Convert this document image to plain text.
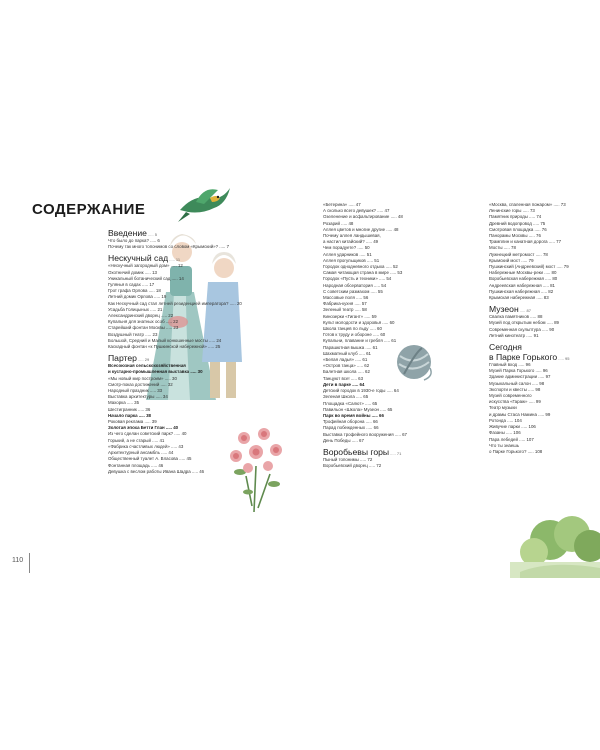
СОДЕРЖАНИЕ
Введение ..... 5
Что было до парка? ..... 6
Почему так много топонимов со словом «Крымский»? ..... 7
Нескучный сад ..... 11
«Нескучный загородный дом» ..... 12
Охотничий домик ..... 13
Уникальный ботанический сад ..... 14
Гулянья в садах ..... 17
Грот графа Орлова ..... 18
Летний домик Орлова ..... 19
Как Нескучный сад стал летней резиденцией императора? ..... 20
Усадьба Голицыных ..... 21
Александринский дворец ..... 22
Купальня для знатных особ ..... 22
Старейший фонтан Москвы ..... 23
Воздушный театр ..... 23
Большой, Средний и Малый конюшенные мосты ..... 24
Каскадный фонтан «к Пушкинской набережной» ..... 25
Партер ..... 29
Всесоюзная сельскохозяйственная
и кустарно-промышленная выставка ..... 30
«Мы новый мир построим» ..... 30
Смотр-показ достижений ..... 32
Народный праздник ..... 33
Выставка архитектуры ..... 34
Махорка ..... 35
Шестигранник ..... 36
Начало парка ..... 38
Роковая реклама ..... 39
Золотая эпоха Бетти Глан ..... 40
Из чего сделан советский парк? ..... 40
Горький, а не старый ..... 41
«Фабрика счастливых людей» ..... 43
Архитектурный ансамбль ..... 44
Общественный туалет А. Власова ..... 45
Фонтанная площадь ..... 46
Девушка с веслом работы Ивана Шадра ..... 46
«Бетерина» ..... 47
А сколько всего девушек? ..... 47
Озеленение и асфальтирование ..... 48
Розарий ..... 48
Аллея цветов и многие другие ..... 48
Почему аллея ландышевая,
а настил китайский? ..... 49
Чем порадуете? ..... 50
Аллея ударников ..... 51
Аллея прогульщиков ..... 51
Городок однодневного отдыха ..... 52
Самая читающая страна в мире ..... 53
Городок «Пусть и техники» ..... 54
Народная обсерватория ..... 54
С советским размахом ..... 55
Массовые поля ..... 56
Фабрика-кухня ..... 57
Зеленый театр ..... 58
Кинозерки «Гигант» ..... 59
Культ молодости и здоровья ..... 60
Школа танцев по льду ..... 60
Готов к труду и обороне ..... 60
Купальни, плавание и гребля ..... 61
Парашютная вышка ..... 61
Шахматный клуб ..... 61
«Белая ладья» ..... 61
«Остров танца» ..... 62
Балетная школа ..... 62
Танцуют все! ..... 63
Дети в парке ..... 64
Детский городок в 1930-е годы ..... 64
Зеленая Школа ..... 65
Площадка «Салют» ..... 65
Павильон «Школа» Музеон ..... 65
Парк во время войны ..... 66
Трофейная оборона ..... 66
Парад побежденных ..... 66
Выставка трофейного вооружения ..... 67
День Победы ..... 67
Воробьевы горы ..... 71
Пыный топонимы ..... 72
Воробьевский дворец ..... 72
«Москва, спаленная пожаром» ..... 73
Ленинские горы ..... 73
Памятник природы ..... 74
Древний водопровод ..... 75
Смотровая площадка ..... 76
Панорамы Москвы ..... 76
Трамплин и канатная дорога ..... 77
Мосты ..... 78
Лужнецкий метромост ..... 78
Крымский мост ..... 79
Пушкинский (Андреевский) мост ..... 79
Набережные Москвы-реки ..... 80
Воробьевская набережная ..... 80
Андреевская набережная ..... 81
Пушкинская набережная ..... 82
Крымская набережная ..... 83
Музеон ..... 87
Свалка памятников ..... 88
Музей под открытым небом ..... 89
Современная скульптура ..... 90
Летний кинотеатр ..... 91
Сегодня
в Парке Горького ..... 95
Главный вход ..... 96
Музей Парка Горького ..... 96
Здание администрации ..... 97
Музыкальный салон ..... 98
Экспорти и квесты ..... 98
Музей современного
искусства «Гараж» ..... 99
Театр музыки
и драмы Стаса Намина ..... 99
Ротонда ..... 104
Живучие парки ..... 106
Фазаны ..... 106
Пара лебедей ..... 107
Что ты знаешь
о Парке Горького? ..... 108
110
